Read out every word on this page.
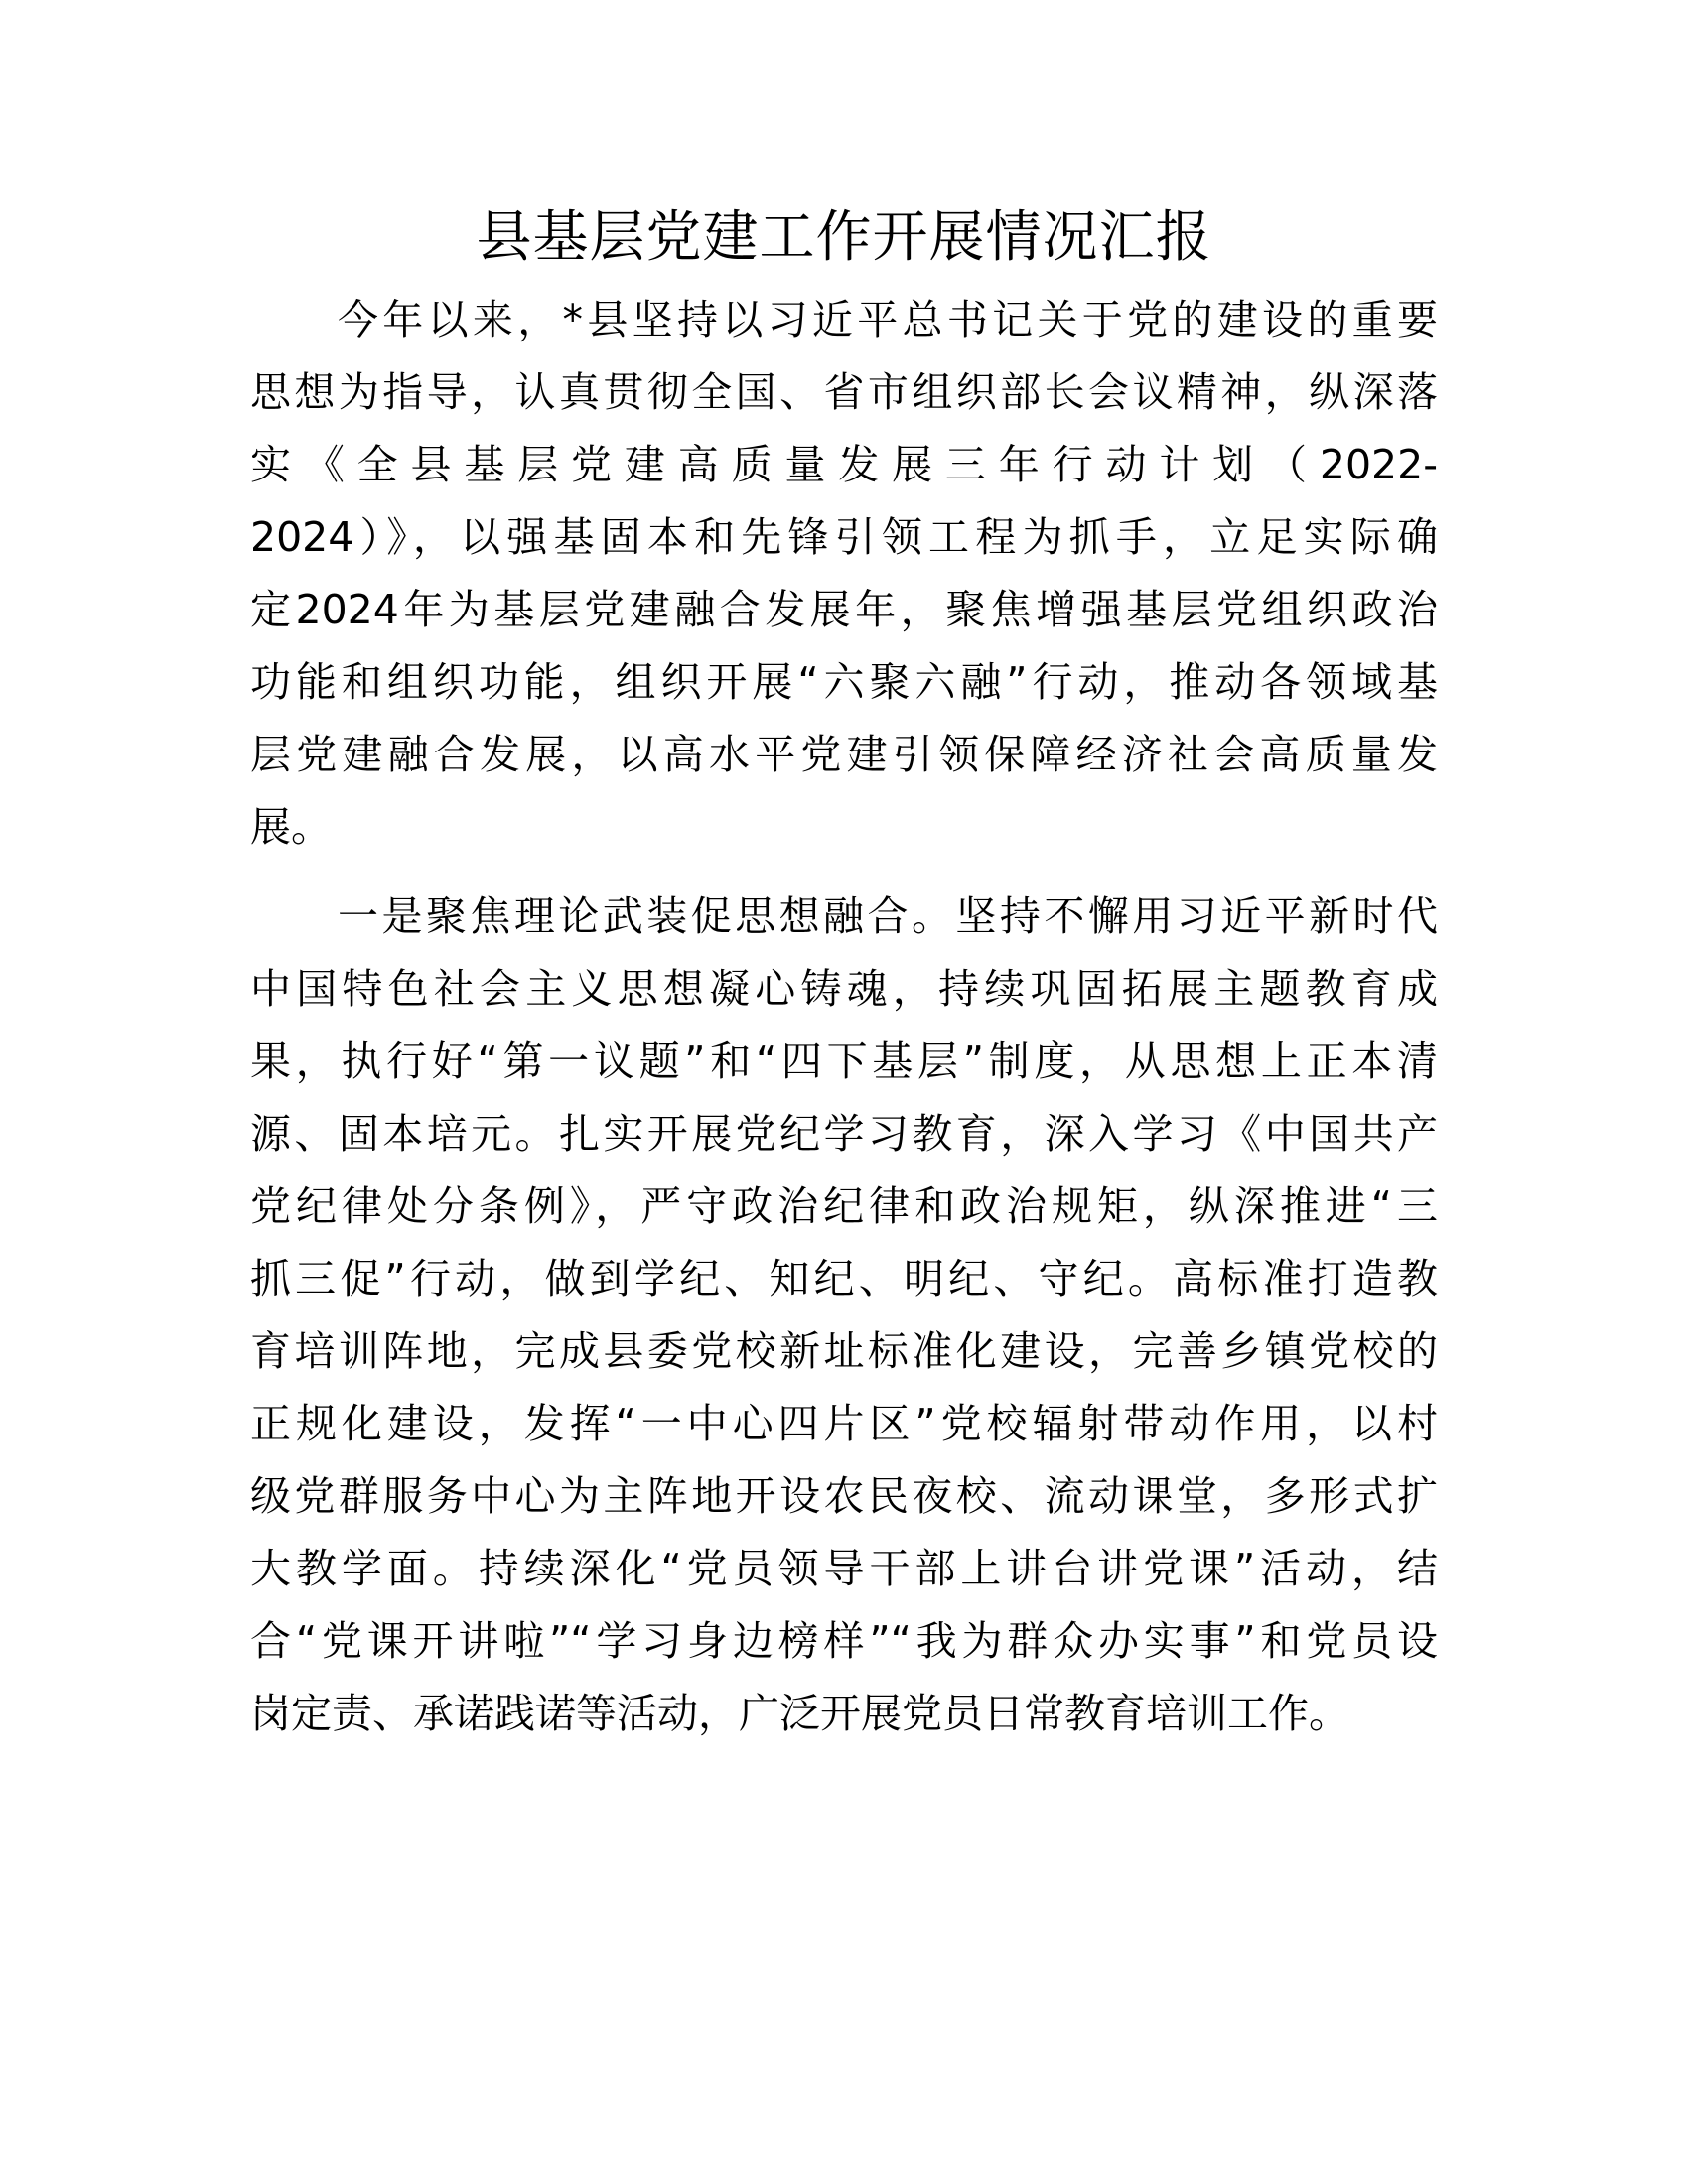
县基层党建工作开展情况汇报
今年以来，*县坚持以习近平总书记关于党的建设的重要
思想为指导，认真贯彻全国、省市组织部长会议精神，纵深落
实《全县基层党建高质量发展三年行动计划（2022-
2024）》，以强基固本和先锋引领工程为抓手，立足实际确
定2024年为基层党建融合发展年，聚焦增强基层党组织政治
功能和组织功能，组织开展“六聚六融”行动，推动各领域基
层党建融合发展，以高水平党建引领保障经济社会高质量发
展。
一是聚焦理论武装促思想融合。坚持不懈用习近平新时代
中国特色社会主义思想凝心铸魂，持续巩固拓展主题教育成
果，执行好“第一议题”和“四下基层”制度，从思想上正本清
源、固本培元。扎实开展党纪学习教育，深入学习《中国共产
党纪律处分条例》，严守政治纪律和政治规矩，纵深推进“三
抓三促”行动，做到学纪、知纪、明纪、守纪。高标准打造教
育培训阵地，完成县委党校新址标准化建设，完善乡镇党校的
正规化建设，发挥“一中心四片区”党校辐射带动作用，以村
级党群服务中心为主阵地开设农民夜校、流动课堂，多形式扩
大教学面。持续深化“党员领导干部上讲台讲党课”活动，结
合“党课开讲啦”“学习身边榜样”“我为群众办实事”和党员设
岗定责、承诺践诺等活动，广泛开展党员日常教育培训工作。
